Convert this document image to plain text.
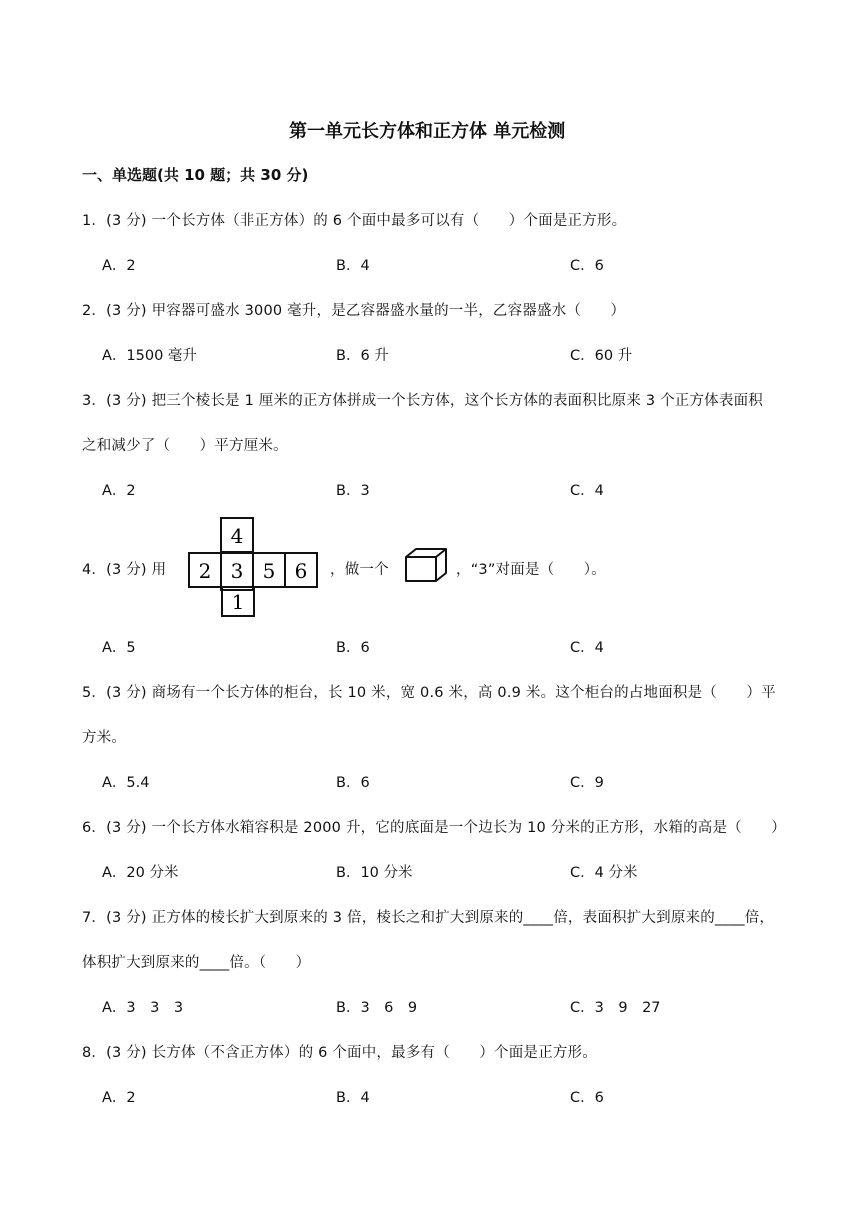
第一单元长方体和正方体 单元检测
一、单选题(共 10 题；共 30 分)
1．(3 分) 一个长方体（非正方体）的 6 个面中最多可以有（　　）个面是正方形。
A．2	B．4	C．6
2．(3 分) 甲容器可盛水 3000 毫升，是乙容器盛水量的一半，乙容器盛水（　　）
A．1500 毫升	B．6 升	C．60 升
3．(3 分) 把三个棱长是 1 厘米的正方体拼成一个长方体，这个长方体的表面积比原来 3 个正方体表面积
之和减少了（　　）平方厘米。
A．2	B．3	C．4
4．(3 分) 用
4
2 3 5 6
1
，做一个	，“3”对面是（　　）。
A．5	B．6	C．4
5．(3 分) 商场有一个长方体的柜台，长 10 米，宽 0.6 米，高 0.9 米。这个柜台的占地面积是（　　）平
方米。
A．5.4	B．6	C．9
6．(3 分) 一个长方体水箱容积是 2000 升，它的底面是一个边长为 10 分米的正方形，水箱的高是（　　）
A．20 分米	B．10 分米	C．4 分米
7．(3 分) 正方体的棱长扩大到原来的 3 倍，棱长之和扩大到原来的____倍，表面积扩大到原来的____倍，
体积扩大到原来的____倍。（　　）
A．3　3　3	B．3　6　9	C．3　9　27
8．(3 分) 长方体（不含正方体）的 6 个面中，最多有（　　）个面是正方形。
A．2	B．4	C．6
